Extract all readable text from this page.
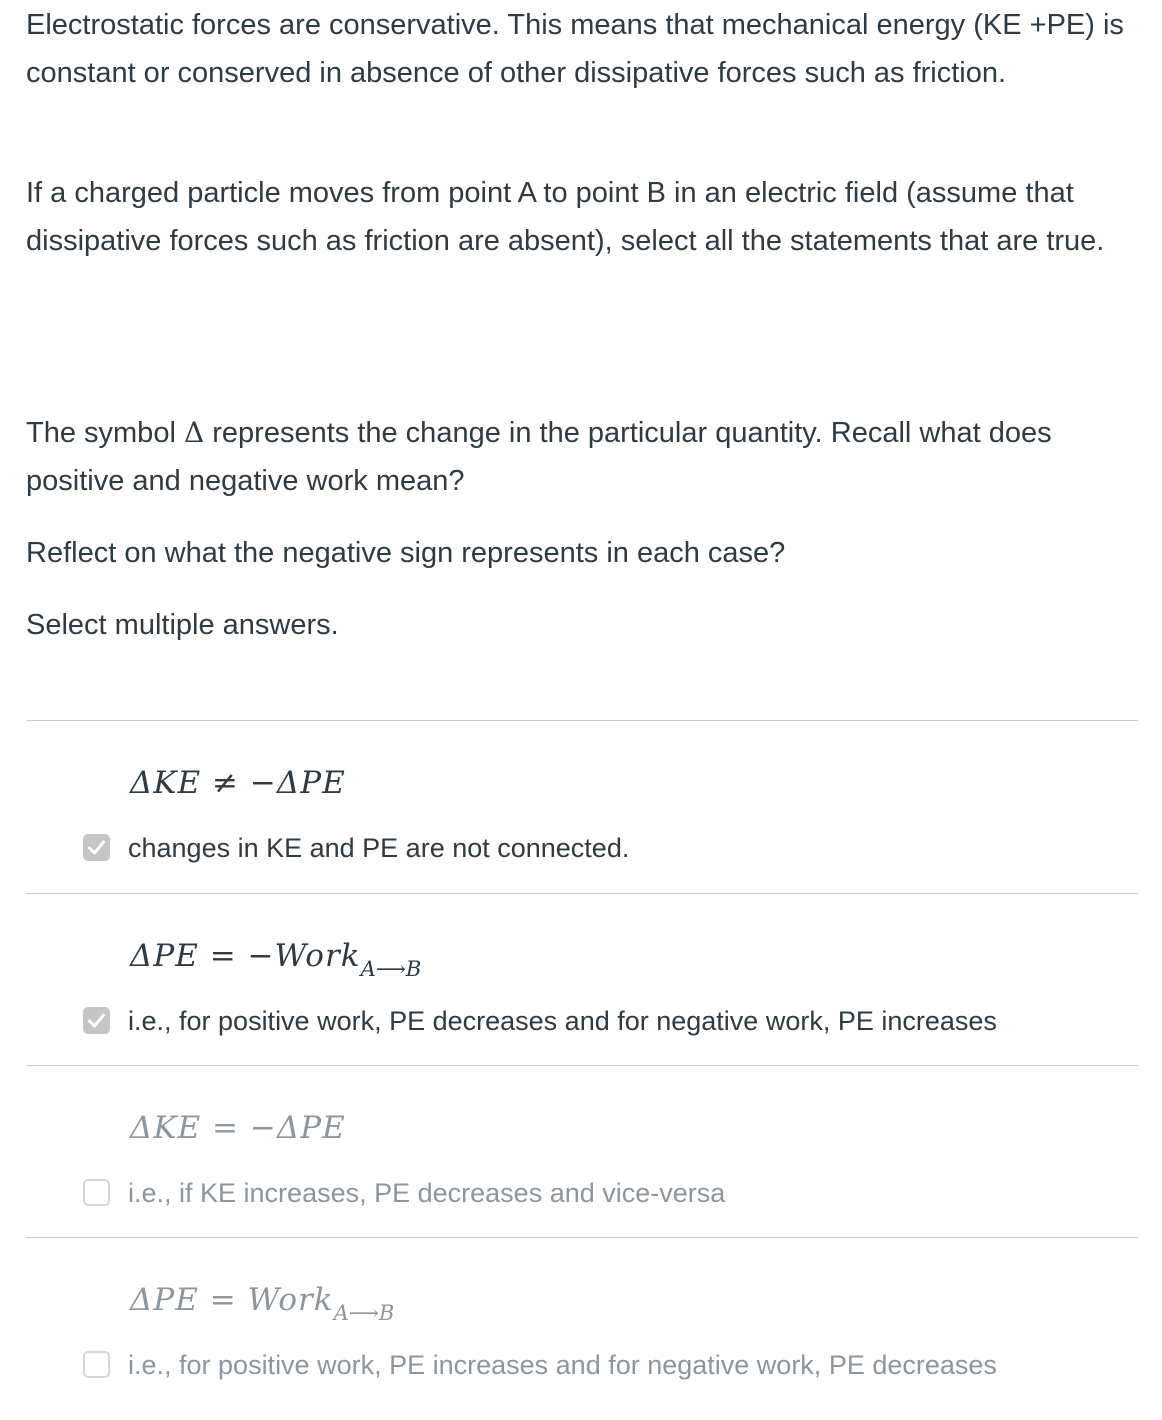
Electrostatic forces are conservative. This means that mechanical energy (KE +PE) is constant or conserved in absence of other dissipative forces such as friction.

If a charged particle moves from point A to point B in an electric field (assume that dissipative forces such as friction are absent), select all the statements that are true.

The symbol Δ represents the change in the particular quantity. Recall what does positive and negative work mean?

Reflect on what the negative sign represents in each case?

Select multiple answers.

ΔKE ≠ −ΔPE
changes in KE and PE are not connected.
ΔPE = −Work$_{A⟶B}$
i.e., for positive work, PE decreases and for negative work, PE increases
ΔKE = −ΔPE
i.e., if KE increases, PE decreases and vice-versa
ΔPE = Work$_{A⟶B}$
i.e., for positive work, PE increases and for negative work, PE decreases
